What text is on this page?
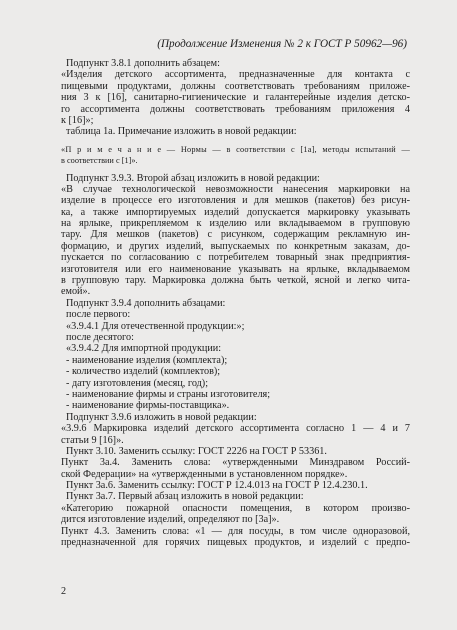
(Продолжение Изменения № 2 к ГОСТ Р 50962—96)
Подпункт 3.8.1 дополнить абзацем:
«Изделия детского ассортимента, предназначенные для контакта с
пищевыми продуктами, должны соответствовать требованиям приложе-
ния 3 к [16], санитарно-гигиенические и галантерейные изделия детско-
го ассортимента должны соответствовать требованиям приложения 4
к [16]»;
таблица 1а. Примечание изложить в новой редакции:
«П р и м е ч а н и е — Нормы — в соответствии с [1а], методы испытаний —
в соответствии с [1]».
Подпункт 3.9.3. Второй абзац изложить в новой редакции:
«В случае технологической невозможности нанесения маркировки на
изделие в процессе его изготовления и для мешков (пакетов) без рисун-
ка, а также импортируемых изделий допускается маркировку указывать
на ярлыке, прикрепляемом к изделию или вкладываемом в групповую
тару. Для мешков (пакетов) с рисунком, содержащим рекламную ин-
формацию, и других изделий, выпускаемых по конкретным заказам, до-
пускается по согласованию с потребителем товарный знак предприятия-
изготовителя или его наименование указывать на ярлыке, вкладываемом
в групповую тару. Маркировка должна быть четкой, ясной и легко чита-
емой».
Подпункт 3.9.4 дополнить абзацами:
после первого:
«3.9.4.1 Для отечественной продукции:»;
после десятого:
«3.9.4.2 Для импортной продукции:
- наименование изделия (комплекта);
- количество изделий (комплектов);
- дату изготовления (месяц, год);
- наименование фирмы и страны изготовителя;
- наименование фирмы-поставщика».
Подпункт 3.9.6 изложить в новой редакции:
«3.9.6 Маркировка изделий детского ассортимента согласно 1 — 4 и 7
статьи 9 [16]».
Пункт 3.10. Заменить ссылку: ГОСТ 2226 на ГОСТ Р 53361.
Пункт 3а.4. Заменить слова: «утвержденными Минздравом Россий-
ской Федерации» на «утвержденными в установленном порядке».
Пункт 3а.6. Заменить ссылку: ГОСТ Р 12.4.013 на ГОСТ Р 12.4.230.1.
Пункт 3а.7. Первый абзац изложить в новой редакции:
«Категорию пожарной опасности помещения, в котором произво-
дится изготовление изделий, определяют по [3а]».
Пункт 4.3. Заменить слова: «1 — для посуды, в том числе одноразовой,
предназначенной для горячих пищевых продуктов, и изделий с предпо-
2
